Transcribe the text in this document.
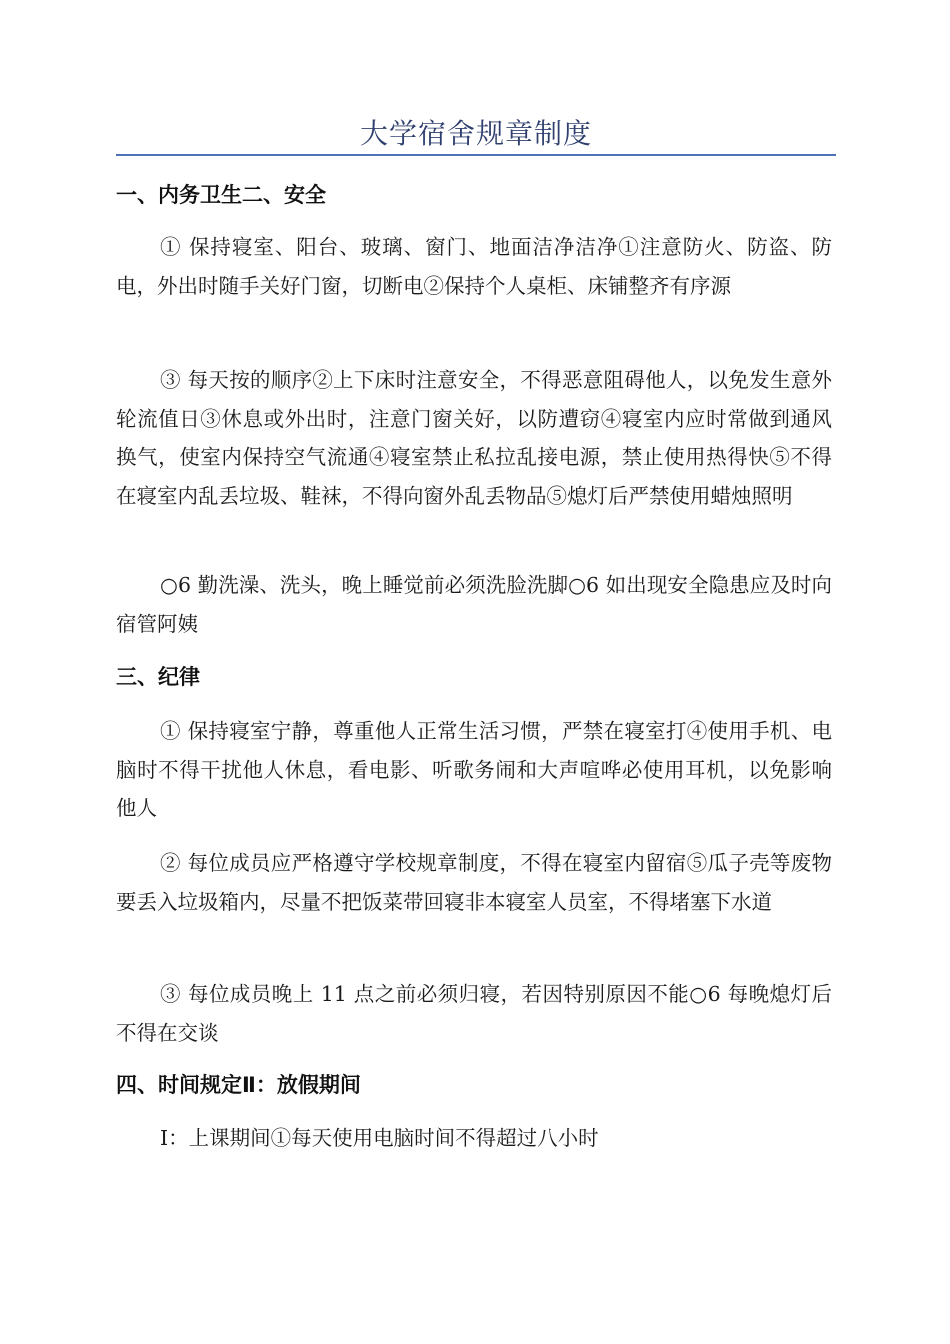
大学宿舍规章制度
一、内务卫生二、安全
① 保持寝室、阳台、玻璃、窗门、地面洁净洁净①注意防火、防盗、防电，外出时随手关好门窗，切断电②保持个人桌柜、床铺整齐有序源
③ 每天按的顺序②上下床时注意安全，不得恶意阻碍他人，以免发生意外轮流值日③休息或外出时，注意门窗关好，以防遭窃④寝室内应时常做到通风换气，使室内保持空气流通④寝室禁止私拉乱接电源，禁止使用热得快⑤不得在寝室内乱丢垃圾、鞋袜，不得向窗外乱丢物品⑤熄灯后严禁使用蜡烛照明
○6 勤洗澡、洗头，晚上睡觉前必须洗脸洗脚○6 如出现安全隐患应及时向宿管阿姨
三、纪律
① 保持寝室宁静，尊重他人正常生活习惯，严禁在寝室打④使用手机、电脑时不得干扰他人休息，看电影、听歌务闹和大声喧哗必使用耳机，以免影响他人
② 每位成员应严格遵守学校规章制度，不得在寝室内留宿⑤瓜子壳等废物要丢入垃圾箱内，尽量不把饭菜带回寝非本寝室人员室，不得堵塞下水道
③ 每位成员晚上 11 点之前必须归寝，若因特别原因不能○6 每晚熄灯后不得在交谈
四、时间规定Ⅱ：放假期间
Ⅰ：上课期间①每天使用电脑时间不得超过八小时
